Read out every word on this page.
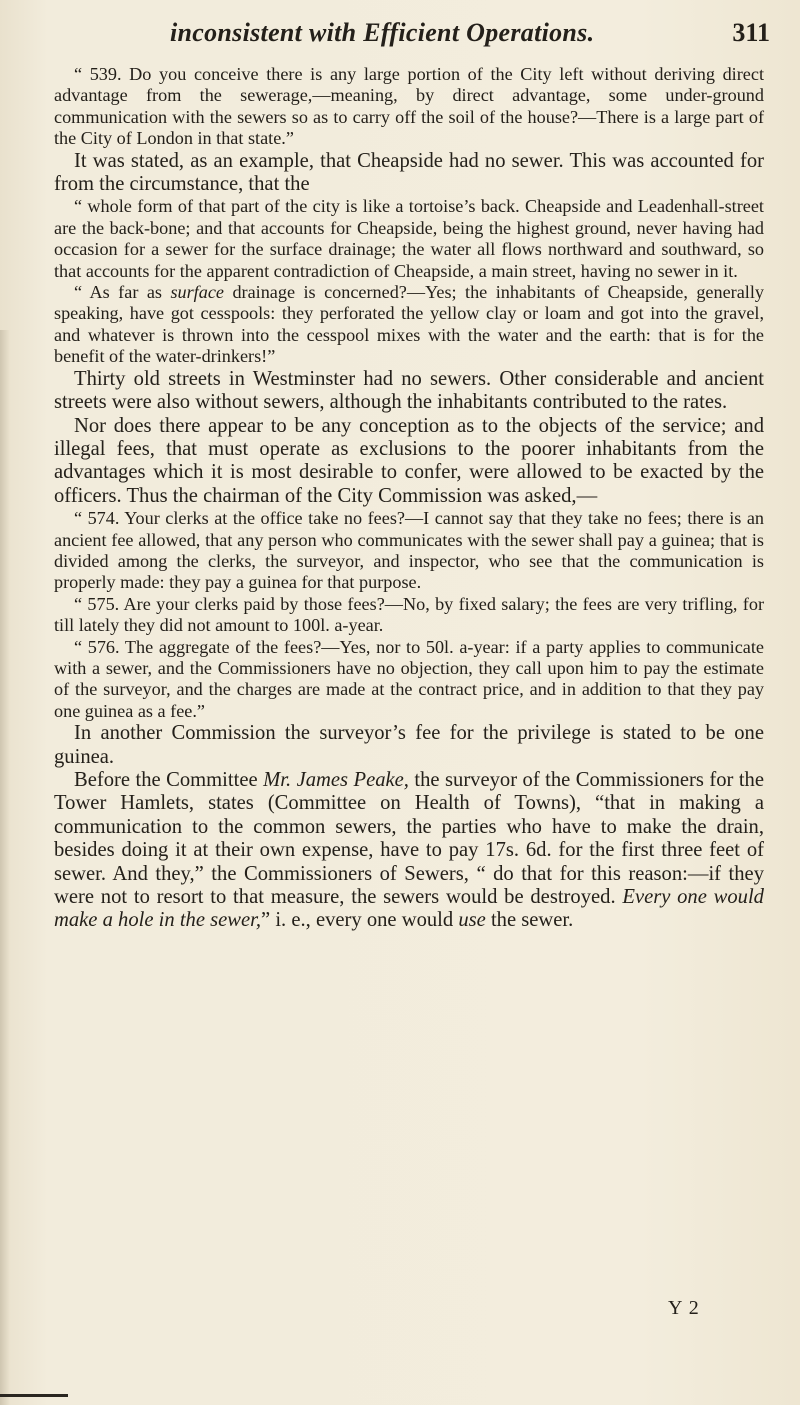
inconsistent with Efficient Operations.	311

“ 539. Do you conceive there is any large portion of the City left without deriving direct advantage from the sewerage,—meaning, by direct advantage, some under-ground communication with the sewers so as to carry off the soil of the house?—There is a large part of the City of London in that state.”

It was stated, as an example, that Cheapside had no sewer. This was accounted for from the circumstance, that the

“ whole form of that part of the city is like a tortoise’s back. Cheapside and Leadenhall-street are the back-bone; and that accounts for Cheapside, being the highest ground, never having had occasion for a sewer for the surface drainage; the water all flows northward and southward, so that accounts for the apparent contradiction of Cheapside, a main street, having no sewer in it.

“ As far as surface drainage is concerned?—Yes; the inhabitants of Cheapside, generally speaking, have got cesspools: they perforated the yellow clay or loam and got into the gravel, and whatever is thrown into the cesspool mixes with the water and the earth: that is for the benefit of the water-drinkers!”

Thirty old streets in Westminster had no sewers. Other considerable and ancient streets were also without sewers, although the inhabitants contributed to the rates.

Nor does there appear to be any conception as to the objects of the service; and illegal fees, that must operate as exclusions to the poorer inhabitants from the advantages which it is most desirable to confer, were allowed to be exacted by the officers. Thus the chairman of the City Commission was asked,—

“ 574. Your clerks at the office take no fees?—I cannot say that they take no fees; there is an ancient fee allowed, that any person who communicates with the sewer shall pay a guinea; that is divided among the clerks, the surveyor, and inspector, who see that the communication is properly made: they pay a guinea for that purpose.

“ 575. Are your clerks paid by those fees?—No, by fixed salary; the fees are very trifling, for till lately they did not amount to 100l. a-year.

“ 576. The aggregate of the fees?—Yes, nor to 50l. a-year: if a party applies to communicate with a sewer, and the Commissioners have no objection, they call upon him to pay the estimate of the surveyor, and the charges are made at the contract price, and in addition to that they pay one guinea as a fee.”

In another Commission the surveyor’s fee for the privilege is stated to be one guinea.

Before the Committee Mr. James Peake, the surveyor of the Commissioners for the Tower Hamlets, states (Committee on Health of Towns), “that in making a communication to the common sewers, the parties who have to make the drain, besides doing it at their own expense, have to pay 17s. 6d. for the first three feet of sewer. And they,” the Commissioners of Sewers, “ do that for this reason:—if they were not to resort to that measure, the sewers would be destroyed. Every one would make a hole in the sewer,” i. e., every one would use the sewer.

Y 2
